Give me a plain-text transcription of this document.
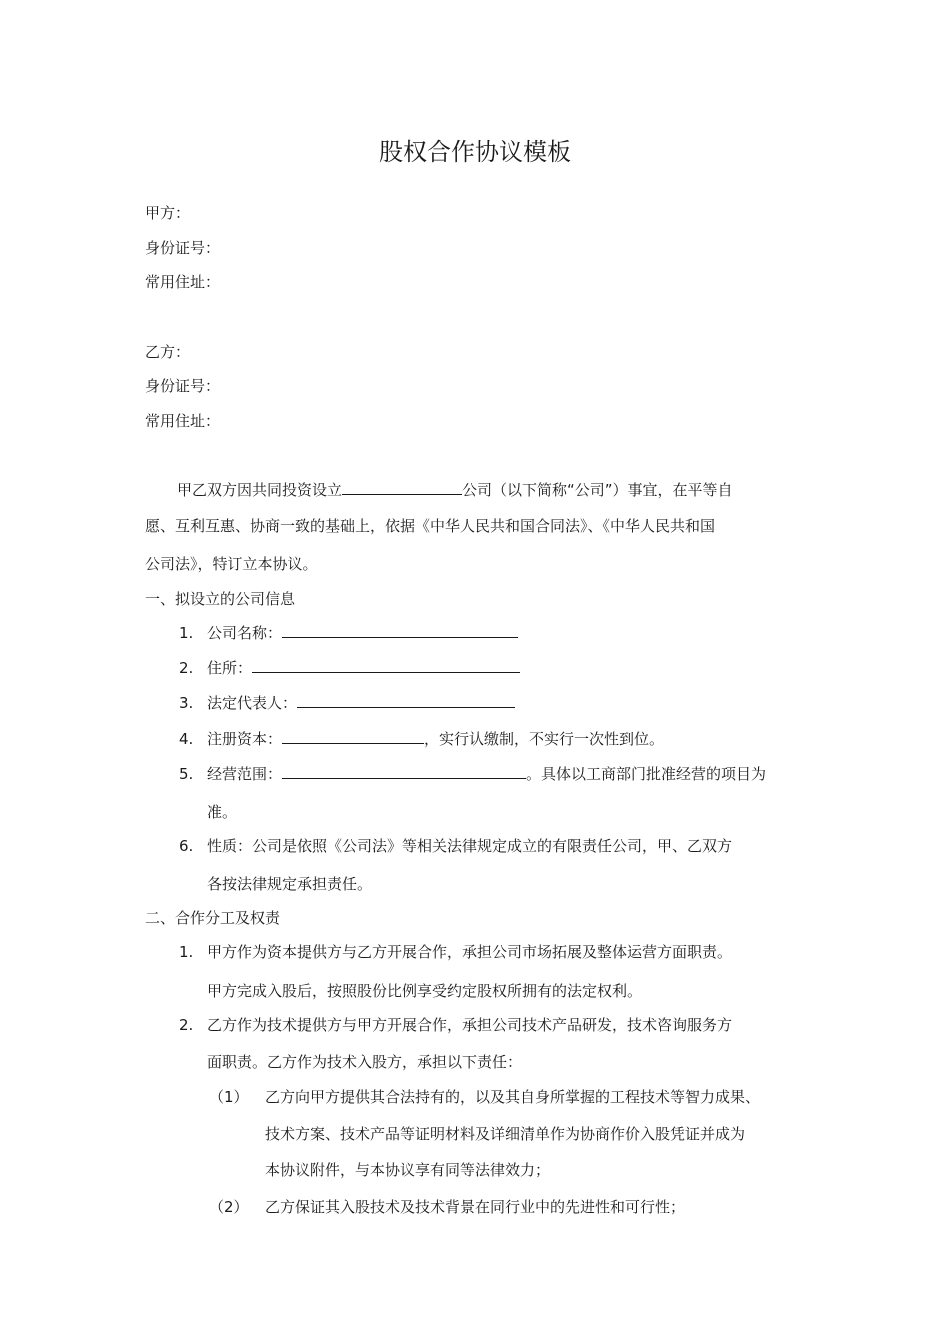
股权合作协议模板
甲方：
身份证号：
常用住址：
乙方：
身份证号：
常用住址：
甲乙双方因共同投资设立	公司（以下简称“公司”）事宜，在平等自
愿、互利互惠、协商一致的基础上，依据《中华人民共和国合同法》、《中华人民共和国
公司法》，特订立本协议。
一、拟设立的公司信息
1. 公司名称：
2. 住所：
3. 法定代表人：
4. 注册资本：	，实行认缴制，不实行一次性到位。
5. 经营范围：	。具体以工商部门批准经营的项目为
准。
6. 性质：公司是依照《公司法》等相关法律规定成立的有限责任公司，甲、乙双方
各按法律规定承担责任。
二、合作分工及权责
1. 甲方作为资本提供方与乙方开展合作，承担公司市场拓展及整体运营方面职责。
甲方完成入股后，按照股份比例享受约定股权所拥有的法定权利。
2. 乙方作为技术提供方与甲方开展合作，承担公司技术产品研发，技术咨询服务方
面职责。乙方作为技术入股方，承担以下责任：
（1） 乙方向甲方提供其合法持有的，以及其自身所掌握的工程技术等智力成果、
技术方案、技术产品等证明材料及详细清单作为协商作价入股凭证并成为
本协议附件，与本协议享有同等法律效力；
（2） 乙方保证其入股技术及技术背景在同行业中的先进性和可行性；
